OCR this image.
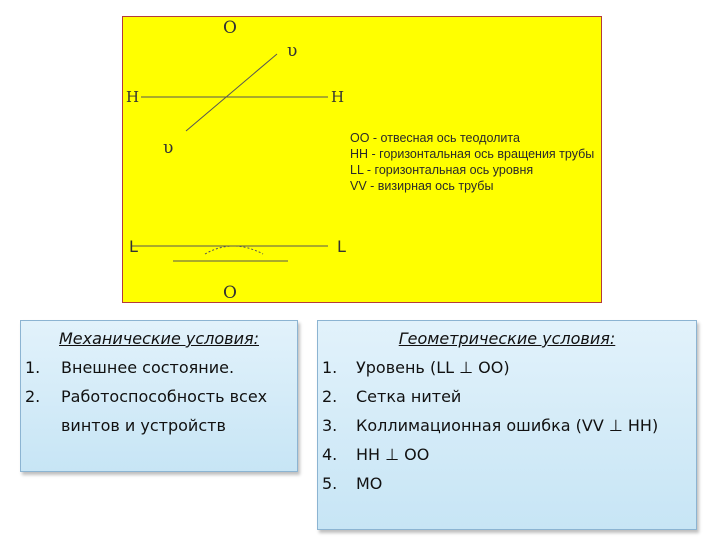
O
υ
H	H
υ
L	L
O
OO - отвесная ось теодолита
HH - горизонтальная ось вращения трубы
LL - горизонтальная ось уровня
VV - визирная ось трубы
Механические условия:
1. Внешнее состояние.
2. Работоспособность всех винтов и устройств
Геометрические условия:
1. Уровень (LL ⊥ OO)
2. Сетка нитей
3. Коллимационная ошибка (VV ⊥ HH)
4. HH ⊥ OO
5. МО
